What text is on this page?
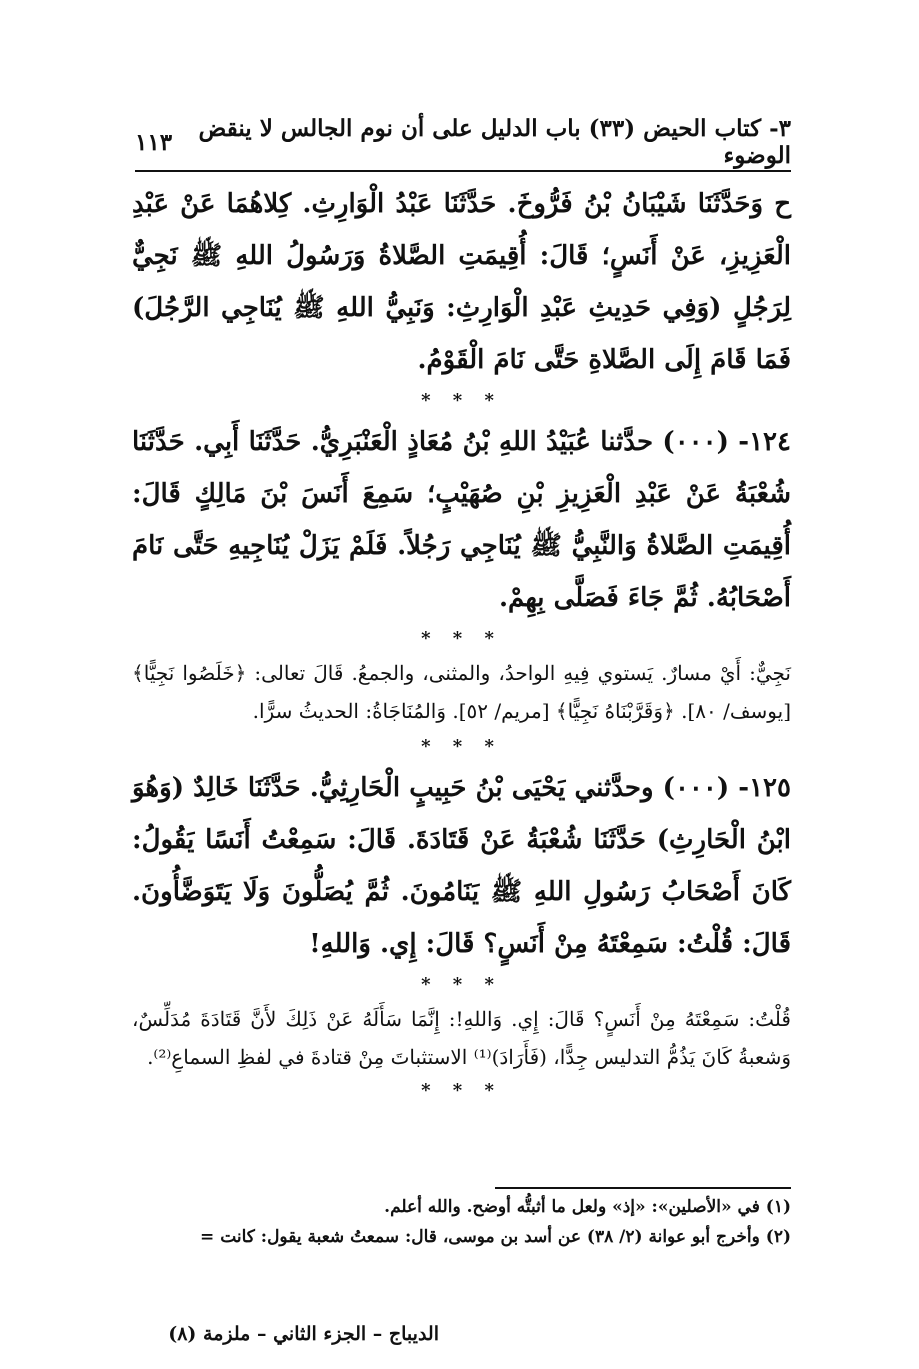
٣- كتاب الحيض (٣٣) باب الدليل على أن نوم الجالس لا ينقض الوضوء
١١٣

ح وَحَدَّثَنَا شَيْبَانُ بْنُ فَرُّوخَ. حَدَّثَنَا عَبْدُ الْوَارِثِ. كِلاهُمَا عَنْ عَبْدِ الْعَزِيزِ، عَنْ أَنَسٍ؛ قَالَ: أُقِيمَتِ الصَّلاةُ وَرَسُولُ اللهِ ﷺ نَجِيٌّ لِرَجُلٍ (وَفِي حَدِيثِ عَبْدِ الْوَارِثِ: وَنَبِيُّ اللهِ ﷺ يُنَاجِي الرَّجُلَ) فَمَا قَامَ إِلَى الصَّلاةِ حَتَّى نَامَ الْقَوْمُ.

* * *

١٢٤- (٠٠٠) حدَّثنا عُبَيْدُ اللهِ بْنُ مُعَاذٍ الْعَنْبَرِيُّ. حَدَّثَنَا أَبِي. حَدَّثَنَا شُعْبَةُ عَنْ عَبْدِ الْعَزِيزِ بْنِ صُهَيْبٍ؛ سَمِعَ أَنَسَ بْنَ مَالِكٍ قَالَ: أُقِيمَتِ الصَّلاةُ وَالنَّبِيُّ ﷺ يُنَاجِي رَجُلاً. فَلَمْ يَزَلْ يُنَاجِيهِ حَتَّى نَامَ أَصْحَابُهُ. ثُمَّ جَاءَ فَصَلَّى بِهِمْ.

* * *

نَجِيٌّ: أَيْ مسارٌ. يَستوي فِيهِ الواحدُ، والمثنى، والجمعُ. قَالَ تعالى: ﴿خَلَصُوا نَجِيًّا﴾ [يوسف/ ٨٠]. ﴿وَقَرَّبْنَاهُ نَجِيًّا﴾ [مريم/ ٥٢]. وَالمُنَاجَاةُ: الحديثُ سرًّا.

* * *

١٢٥- (٠٠٠) وحدَّثني يَحْيَى بْنُ حَبِيبٍ الْحَارِثِيُّ. حَدَّثَنَا خَالِدٌ (وَهُوَ ابْنُ الْحَارِثِ) حَدَّثَنَا شُعْبَةُ عَنْ قَتَادَةَ. قَالَ: سَمِعْتُ أَنَسًا يَقُولُ: كَانَ أَصْحَابُ رَسُولِ اللهِ ﷺ يَنَامُونَ. ثُمَّ يُصَلُّونَ وَلَا يَتَوَضَّأُونَ. قَالَ: قُلْتُ: سَمِعْتَهُ مِنْ أَنَسٍ؟ قَالَ: إِي. وَاللهِ!

* * *

قُلْتُ: سَمِعْتَهُ مِنْ أَنَسٍ؟ قَالَ: إِي. وَاللهِ!: إِنَّمَا سَأَلَهُ عَنْ ذَلِكَ لأَنَّ قَتَادَةَ مُدَلِّسٌ، وَشعبةُ كَانَ يَذُمُّ التدليس جِدًّا، (فَأَرَادَ)⁽¹⁾ الاستثباتَ مِنْ قتادةَ في لفظِ السماعِ⁽²⁾.

* * *

(١) في «الأصلين»: «إذ» ولعل ما أثبتُّه أوضح. والله أعلم.

(٢) وأخرج أبو عوانة (٢/ ٣٨) عن أسد بن موسى، قال: سمعتُ شعبة يقول: كانت =

الديباج – الجزء الثاني – ملزمة (٨)
